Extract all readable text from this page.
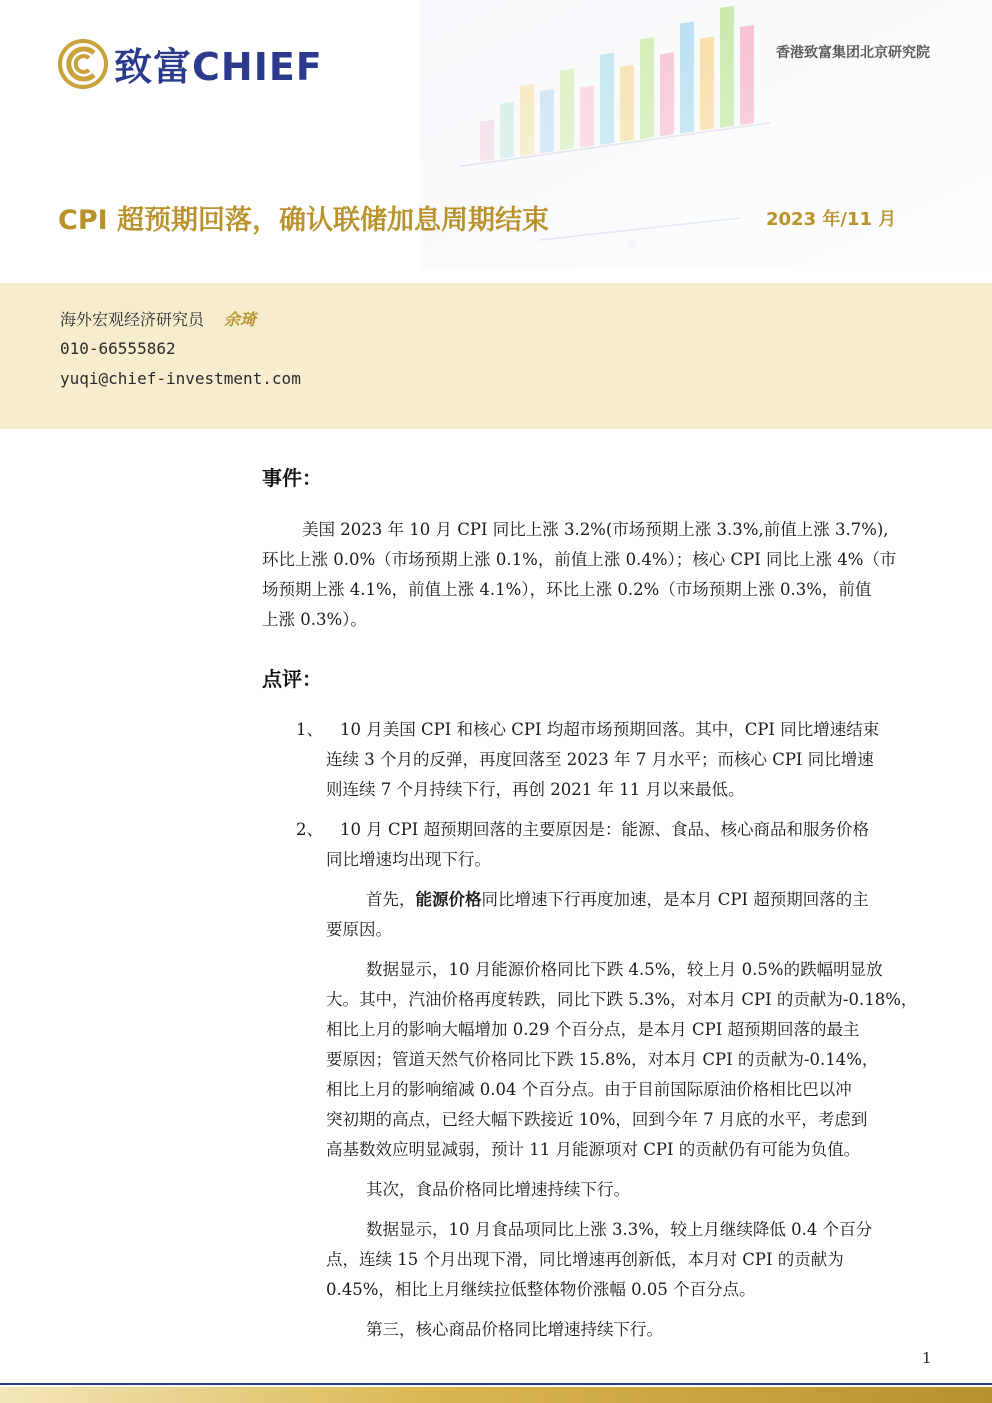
致富CHIEF	香港致富集团北京研究院
CPI 超预期回落，确认联储加息周期结束	2023 年/11 月
海外宏观经济研究员 余琦
010-66555862
yuqi@chief-investment.com
事件：
美国 2023 年 10 月 CPI 同比上涨 3.2%(市场预期上涨 3.3%,前值上涨 3.7%),
环比上涨 0.0%（市场预期上涨 0.1%，前值上涨 0.4%）；核心 CPI 同比上涨 4%（市
场预期上涨 4.1%，前值上涨 4.1%），环比上涨 0.2%（市场预期上涨 0.3%，前值
上涨 0.3%）。
点评：
1、 10 月美国 CPI 和核心 CPI 均超市场预期回落。其中，CPI 同比增速结束
连续 3 个月的反弹，再度回落至 2023 年 7 月水平；而核心 CPI 同比增速
则连续 7 个月持续下行，再创 2021 年 11 月以来最低。
2、 10 月 CPI 超预期回落的主要原因是：能源、食品、核心商品和服务价格
同比增速均出现下行。
首先，能源价格同比增速下行再度加速，是本月 CPI 超预期回落的主
要原因。
数据显示，10 月能源价格同比下跌 4.5%，较上月 0.5%的跌幅明显放
大。其中，汽油价格再度转跌，同比下跌 5.3%，对本月 CPI 的贡献为-0.18%，
相比上月的影响大幅增加 0.29 个百分点，是本月 CPI 超预期回落的最主
要原因；管道天然气价格同比下跌 15.8%，对本月 CPI 的贡献为-0.14%，
相比上月的影响缩减 0.04 个百分点。由于目前国际原油价格相比巴以冲
突初期的高点，已经大幅下跌接近 10%，回到今年 7 月底的水平，考虑到
高基数效应明显减弱，预计 11 月能源项对 CPI 的贡献仍有可能为负值。
其次，食品价格同比增速持续下行。
数据显示，10 月食品项同比上涨 3.3%，较上月继续降低 0.4 个百分
点，连续 15 个月出现下滑，同比增速再创新低，本月对 CPI 的贡献为
0.45%，相比上月继续拉低整体物价涨幅 0.05 个百分点。
第三，核心商品价格同比增速持续下行。
1
